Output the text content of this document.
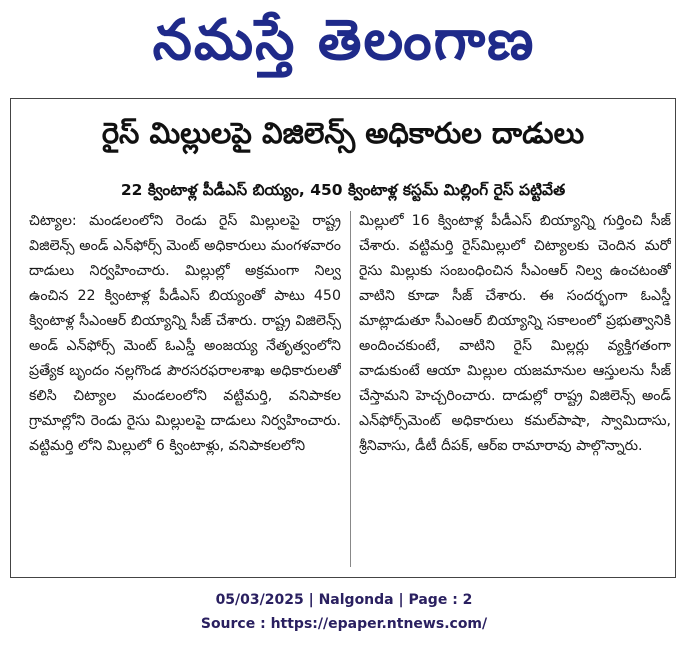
నమస్తే తెలంగాణ
రైస్ మిల్లులపై విజిలెన్స్ అధికారుల దాడులు
22 క్వింటాళ్ల పీడీఎస్ బియ్యం, 450 క్వింటాళ్ల కస్టమ్ మిల్లింగ్ రైస్ పట్టివేత
చిట్యాల: మండలంలోని రెండు రైస్ మిల్లులపై రాష్ట్ర విజిలెన్స్ అండ్ ఎన్‌ఫోర్స్ మెంట్ అధికారులు మంగళవారం దాడులు నిర్వహించారు. మిల్లుల్లో అక్రమంగా నిల్వ ఉంచిన 22 క్వింటాళ్ల పీడీఎస్ బియ్యంతో పాటు 450 క్వింటాళ్ల సీఎంఆర్ బియ్యాన్ని సీజ్ చేశారు. రాష్ట్ర విజిలెన్స్ అండ్ ఎన్‌ఫోర్స్ మెంట్ ఓఎస్డీ అంజయ్య నేతృత్వంలోని ప్రత్యేక బృందం నల్లగొండ పౌరసరఫరాలశాఖ అధికారులతో కలిసి చిట్యాల మండలంలోని వట్టిమర్తి, వనిపాకల గ్రామాల్లోని రెండు రైసు మిల్లులపై దాడులు నిర్వహించారు. వట్టిమర్తి లోని మిల్లులో 6 క్వింటాళ్లు, వనిపాకలలోని
మిల్లులో 16 క్వింటాళ్ల పీడీఎస్ బియ్యాన్ని గుర్తించి సీజ్ చేశారు. వట్టిమర్తి రైస్‌మిల్లులో చిట్యాలకు చెందిన మరో రైసు మిల్లుకు సంబంధించిన సీఎంఆర్ నిల్వ ఉంచటంతో వాటిని కూడా సీజ్ చేశారు. ఈ సందర్భంగా ఓఎస్డీ మాట్లాడుతూ సీఎంఆర్ బియ్యాన్ని సకాలంలో ప్రభుత్వానికి అందించకుంటే, వాటిని రైస్ మిల్లర్లు వ్యక్తిగతంగా వాడుకుంటే ఆయా మిల్లుల యజమానుల ఆస్తులను సీజ్ చేస్తామని హెచ్చరించారు. దాడుల్లో రాష్ట్ర విజిలెన్స్ అండ్ ఎన్‌ఫోర్స్‌మెంట్ అధికారులు కమల్‌పాషా, స్వామిదాసు, శ్రీనివాసు, డీటీ దీపక్, ఆర్ఐ రామారావు పాల్గొన్నారు.
05/03/2025 | Nalgonda | Page : 2
Source : https://epaper.ntnews.com/
